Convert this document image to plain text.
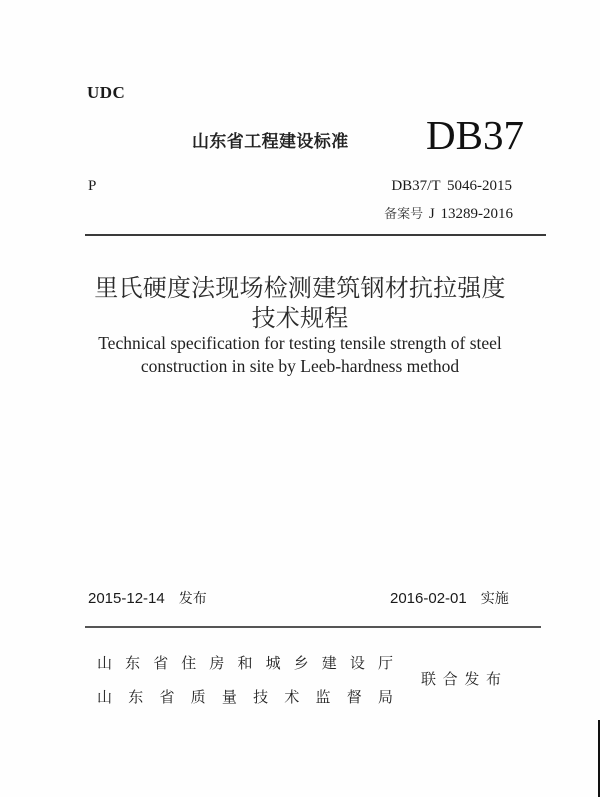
UDC
山东省工程建设标准 DB37
P	DB37/T 5046-2015
备案号 J 13289-2016
里氏硬度法现场检测建筑钢材抗拉强度
技术规程
Technical specification for testing tensile strength of steel
construction in site by Leeb-hardness method
2015-12-14 发布	2016-02-01 实施
山 东 省 住 房 和 城 乡 建 设 厅
山 东 省 质 量 技 术 监 督 局
联 合 发 布
